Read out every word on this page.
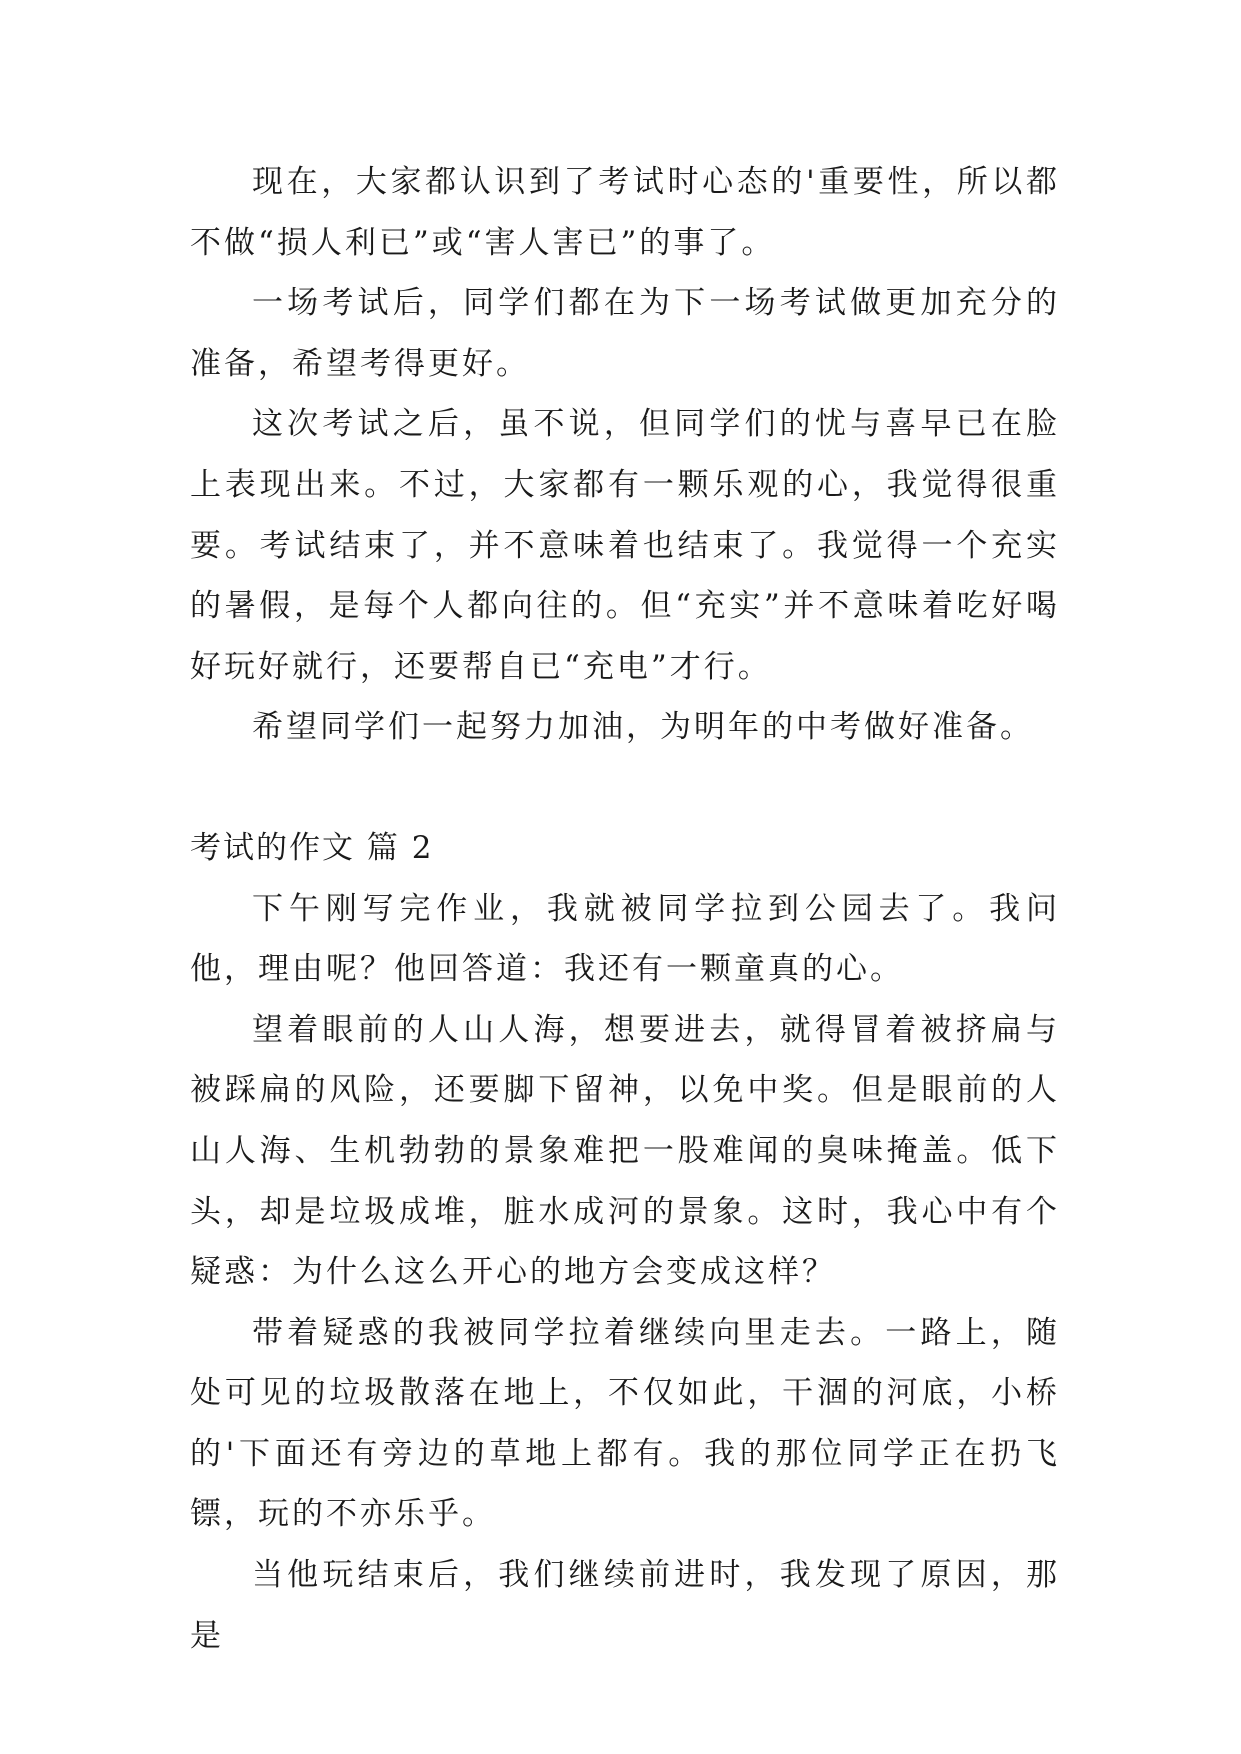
现在，大家都认识到了考试时心态的'重要性，所以都不做“损人利已”或“害人害已”的事了。

一场考试后，同学们都在为下一场考试做更加充分的准备，希望考得更好。

这次考试之后，虽不说，但同学们的忧与喜早已在脸上表现出来。不过，大家都有一颗乐观的心，我觉得很重要。考试结束了，并不意味着也结束了。我觉得一个充实的暑假，是每个人都向往的。但“充实”并不意味着吃好喝好玩好就行，还要帮自已“充电”才行。

希望同学们一起努力加油，为明年的中考做好准备。

考试的作文 篇 2

下午刚写完作业，我就被同学拉到公园去了。我问他，理由呢？他回答道：我还有一颗童真的心。

望着眼前的人山人海，想要进去，就得冒着被挤扁与被踩扁的风险，还要脚下留神，以免中奖。但是眼前的人山人海、生机勃勃的景象难把一股难闻的臭味掩盖。低下头，却是垃圾成堆，脏水成河的景象。这时，我心中有个疑惑：为什么这么开心的地方会变成这样？

带着疑惑的我被同学拉着继续向里走去。一路上，随处可见的垃圾散落在地上，不仅如此，干涸的河底，小桥的'下面还有旁边的草地上都有。我的那位同学正在扔飞镖，玩的不亦乐乎。

当他玩结束后，我们继续前进时，我发现了原因，那是
